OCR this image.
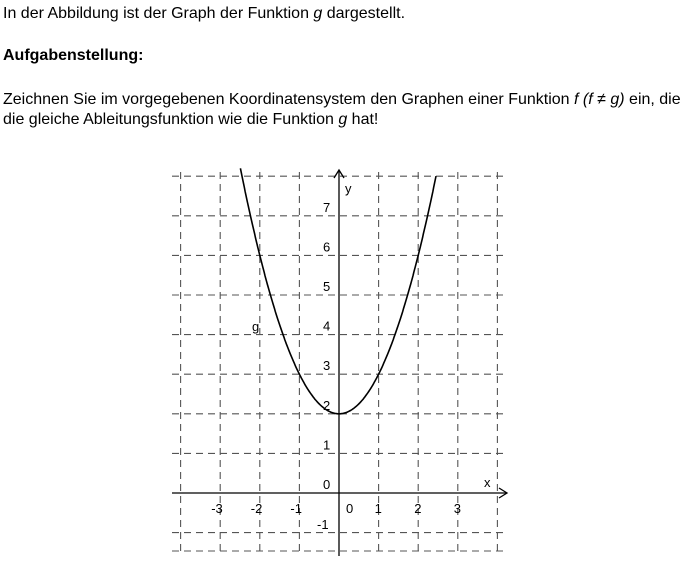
In der Abbildung ist der Graph der Funktion g dargestellt.

Aufgabenstellung:

Zeichnen Sie im vorgegebenen Koordinatensystem den Graphen einer Funktion f (f ≠ g) ein, die

die gleiche Ableitungsfunktion wie die Funktion g hat!

x
y
-3 -2 -1	0 1 2 3
-1
0
1
2
3
4
5
6
7
g
